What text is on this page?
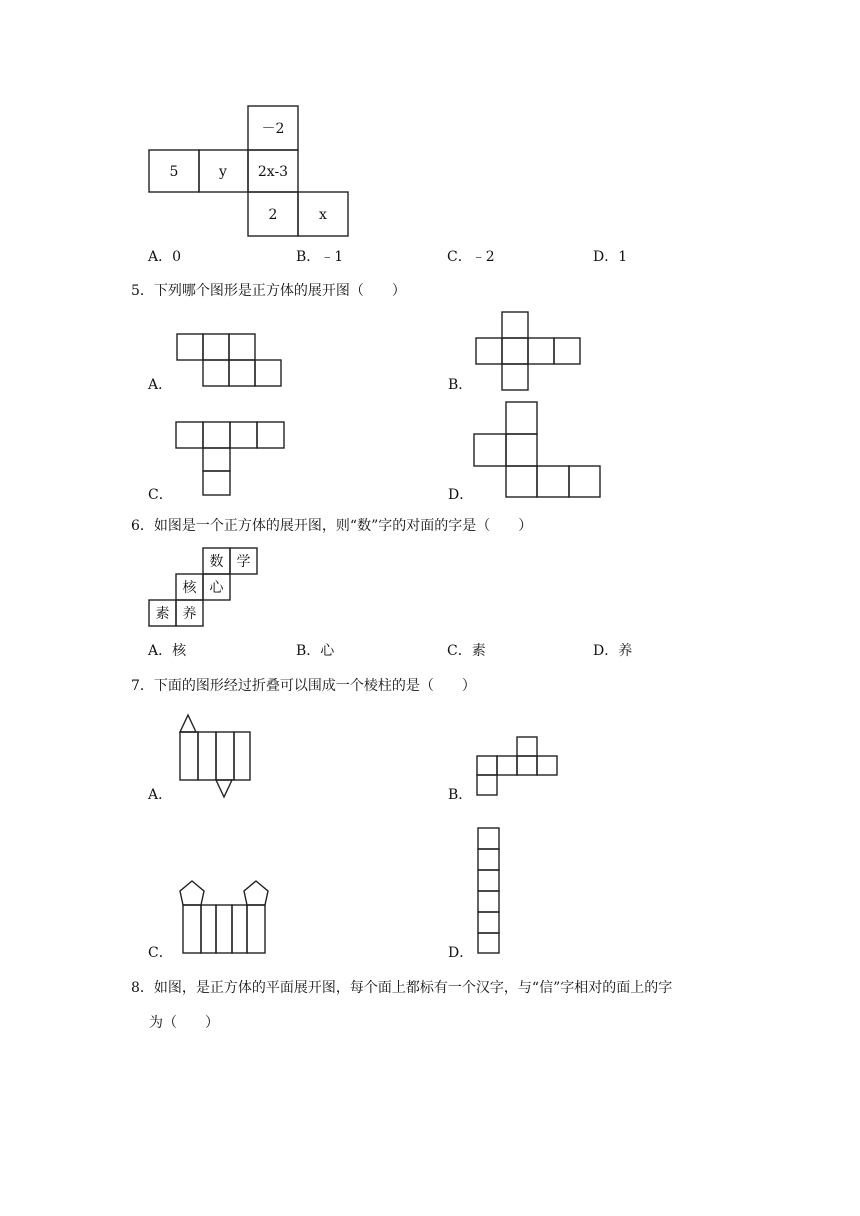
－2
5	y 2x-3
2	x
A．0	B．﹣1	C．﹣2	D．1
5．下列哪个图形是正方体的展开图（　　）
A．	B．
C．	D．
6．如图是一个正方体的展开图，则“数”字的对面的字是（　　）
数 学
核 心
素 养
A．核	B．心	C．素	D．养
7．下面的图形经过折叠可以围成一个棱柱的是（　　）
A．	B．
C．	D．
8．如图，是正方体的平面展开图，每个面上都标有一个汉字，与“信”字相对的面上的字
为（　　）
